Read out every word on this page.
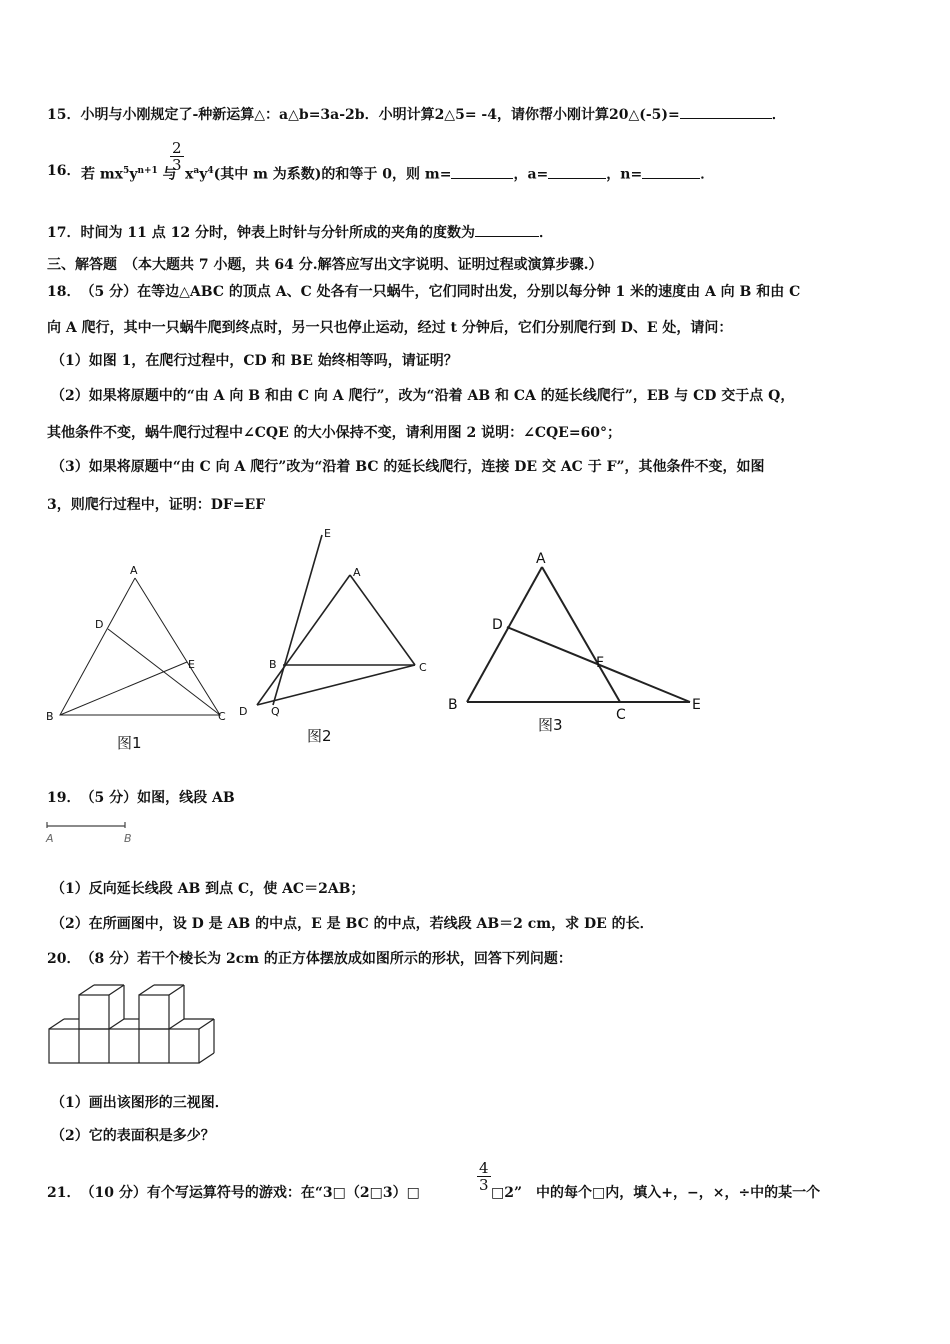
15．小明与小刚规定了-种新运算△：a△b=3a-2b．小明计算2△5= -4，请你帮小刚计算20△(-5)=	．
16． 若 $mx^5y^{n+1}$ 与
$\frac{2}{3}$
$x^ay^4$(其中 m 为系数)的和等于 0，则 m=	，a=	，n=	．
17．时间为 11 点 12 分时，钟表上时针与分针所成的夹角的度数为	．
三、解答题　（本大题共 7 小题，共 64 分.解答应写出文字说明、证明过程或演算步骤.）
18．　（5 分）在等边△ABC 的顶点 A、C 处各有一只蜗牛，它们同时出发，分别以每分钟 1 米的速度由 A 向 B 和由 C
向 A 爬行，其中一只蜗牛爬到终点时，另一只也停止运动，经过 t 分钟后，它们分别爬行到 D、E 处，请问：
（1）如图 1，在爬行过程中，CD 和 BE 始终相等吗，请证明？
（2）如果将原题中的“由 A 向 B 和由 C 向 A 爬行”，改为“沿着 AB 和 CA 的延长线爬行”，EB 与 CD 交于点 Q，
其他条件不变，蜗牛爬行过程中∠CQE 的大小保持不变，请利用图 2 说明：∠CQE=60°；
（3）如果将原题中“由 C 向 A 爬行”改为“沿着 BC 的延长线爬行，连接 DE 交 AC 于 F”，其他条件不变，如图
3，则爬行过程中，证明：DF=EF
A
D
E
B	C
图1
E
A
B	C
D Q
图2
A
D
F
B
C
E
图3
19．　（5 分）如图，线段 AB
A	B
（1）反向延长线段 AB 到点 C，使 AC＝2AB；
（2）在所画图中，设 D 是 AB 的中点，E 是 BC 的中点，若线段 AB＝2 cm，求 DE 的长．
20．　（8 分）若干个棱长为 2cm 的正方体摆放成如图所示的形状，回答下列问题：
（1）画出该图形的三视图．
（2）它的表面积是多少？
21．　（10 分）有个写运算符号的游戏：在“3□（2□3）□	$\frac{4}{3}$ □2”　中的每个□内，填入+，−，×，÷中的某一个
